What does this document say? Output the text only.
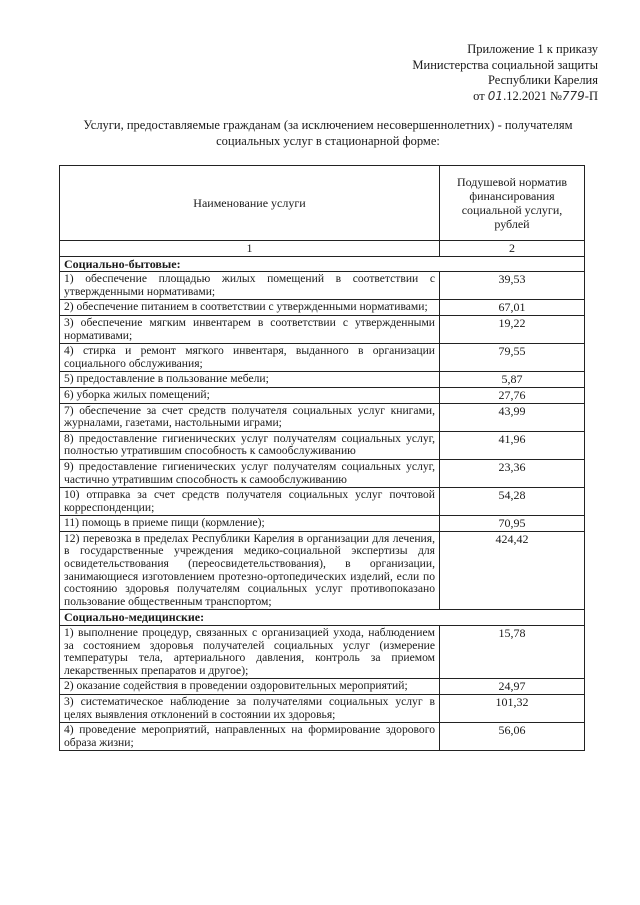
Приложение 1 к приказу
Министерства социальной защиты
Республики Карелия
от 01.12.2021 №779-П
Услуги, предоставляемые гражданам (за исключением несовершеннолетних) - получателям
социальных услуг в стационарной форме:
Наименование услуги	Подушевой норматив финансирования социальной услуги, рублей
1	2
Социально-бытовые:	
1) обеспечение площадью жилых помещений в соответствии с утвержденными нормативами;	39,53
2) обеспечение питанием в соответствии с утвержденными нормативами;	67,01
3) обеспечение мягким инвентарем в соответствии с утвержденными нормативами;	19,22
4) стирка и ремонт мягкого инвентаря, выданного в организации социального обслуживания;	79,55
5) предоставление в пользование мебели;	5,87
6) уборка жилых помещений;	27,76
7) обеспечение за счет средств получателя социальных услуг книгами, журналами, газетами, настольными играми;	43,99
8) предоставление гигиенических услуг получателям социальных услуг, полностью утратившим способность к самообслуживанию	41,96
9) предоставление гигиенических услуг получателям социальных услуг, частично утратившим способность к самообслуживанию	23,36
10) отправка за счет средств получателя социальных услуг почтовой корреспонденции;	54,28
11) помощь в приеме пищи (кормление);	70,95
12) перевозка в пределах Республики Карелия в организации для лечения, в государственные учреждения медико-социальной экспертизы для освидетельствования (переосвидетельствования), в организации, занимающиеся изготовлением протезно-ортопедических изделий, если по состоянию здоровья получателям социальных услуг противопоказано пользование общественным транспортом;	424,42
Социально-медицинские:	
1) выполнение процедур, связанных с организацией ухода, наблюдением за состоянием здоровья получателей социальных услуг (измерение температуры тела, артериального давления, контроль за приемом лекарственных препаратов и другое);	15,78
2) оказание содействия в проведении оздоровительных мероприятий;	24,97
3) систематическое наблюдение за получателями социальных услуг в целях выявления отклонений в состоянии их здоровья;	101,32
4) проведение мероприятий, направленных на формирование здорового образа жизни;	56,06
